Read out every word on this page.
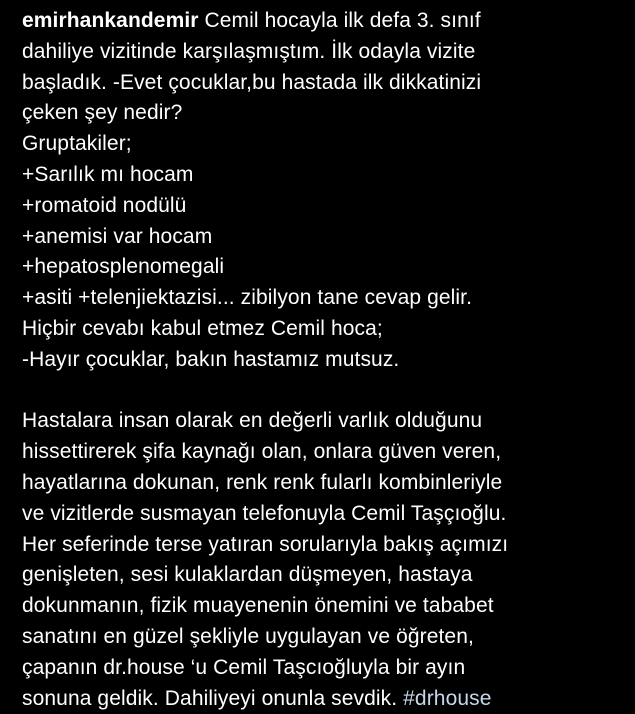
emirhankandemir Cemil hocayla ilk defa 3. sınıf
dahiliye vizitinde karşılaşmıştım. İlk odayla vizite
başladık. -Evet çocuklar,bu hastada ilk dikkatinizi
çeken şey nedir?
Gruptakiler;
+Sarılık mı hocam
+romatoid nodülü
+anemisi var hocam
+hepatosplenomegali
+asiti +telenjiektazisi... zibilyon tane cevap gelir.
Hiçbir cevabı kabul etmez Cemil hoca;
-Hayır çocuklar, bakın hastamız mutsuz.
Hastalara insan olarak en değerli varlık olduğunu
hissettirerek şifa kaynağı olan, onlara güven veren,
hayatlarına dokunan, renk renk fularlı kombinleriyle
ve vizitlerde susmayan telefonuyla Cemil Taşçıoğlu.
Her seferinde terse yatıran sorularıyla bakış açımızı
genişleten, sesi kulaklardan düşmeyen, hastaya
dokunmanın, fizik muayenenin önemini ve tababet
sanatını en güzel şekliyle uygulayan ve öğreten,
çapanın dr.house ‘u Cemil Taşcıoğluyla bir ayın
sonuna geldik. Dahiliyeyi onunla sevdik. #drhouse
